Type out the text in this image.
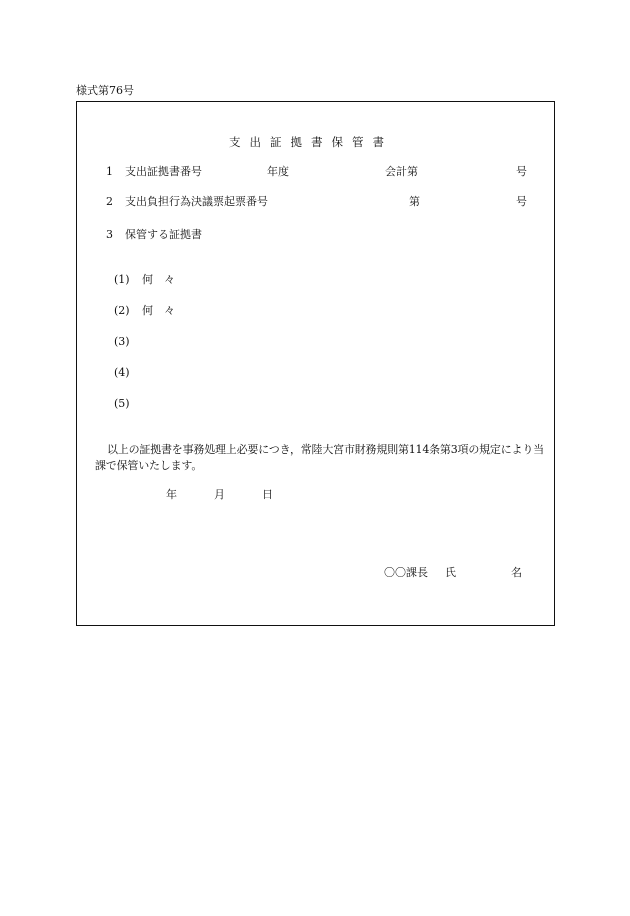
様式第76号
支出証拠書保管書
1 支出証拠書番号	年度	会計第	号
2 支出負担行為決議票起票番号	第	号
3 保管する証拠書
(1) 何　々
(2) 何　々
(3)
(4)
(5)
以上の証拠書を事務処理上必要につき，常陸大宮市財務規則第114条第3項の規定により当課で保管いたします。
年	月	日
〇〇課長 氏　　　　　名
